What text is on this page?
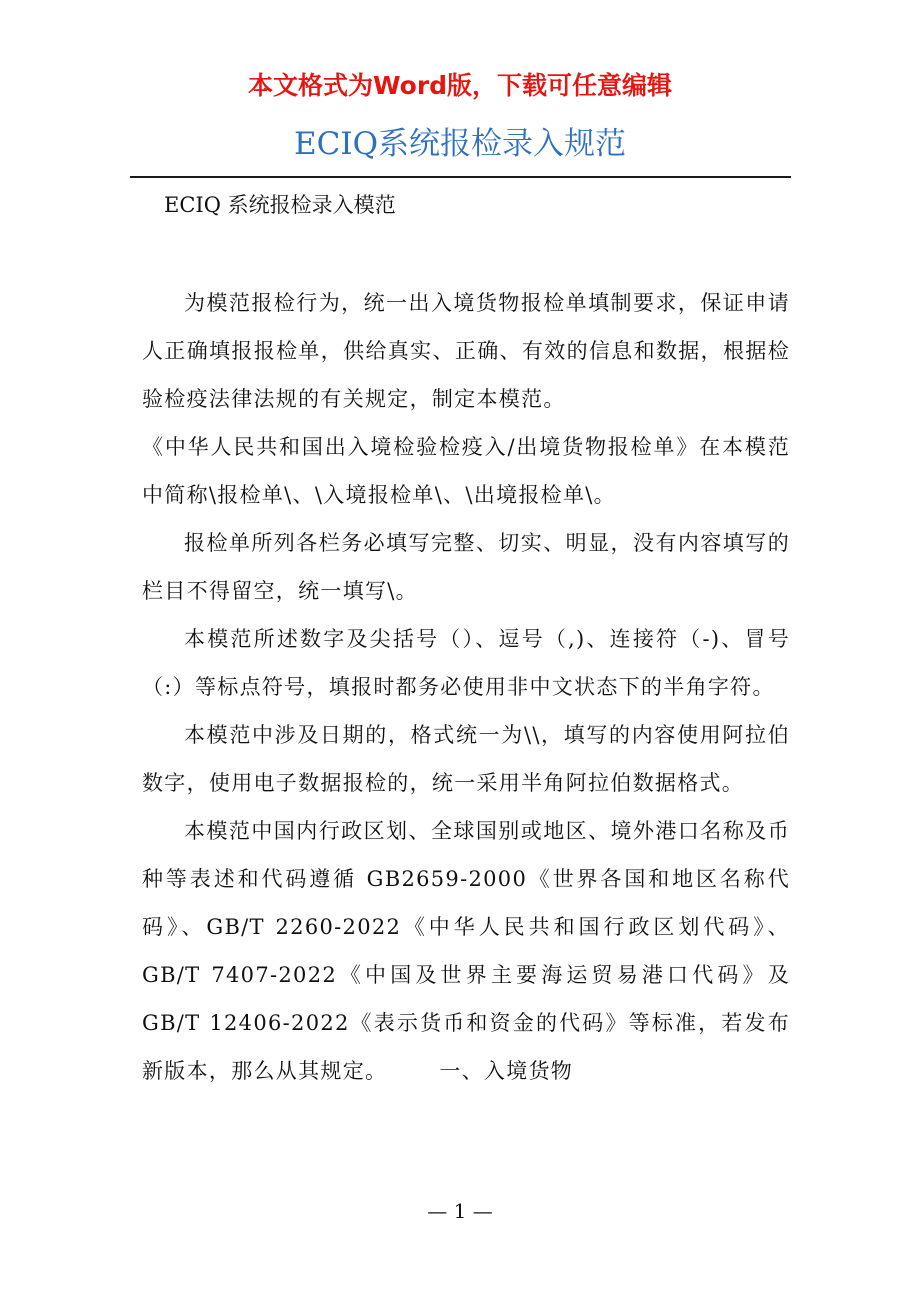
本文格式为Word版，下载可任意编辑
ECIQ系统报检录入规范
ECIQ 系统报检录入模范

为模范报检行为，统一出入境货物报检单填制要求，保证申请人正确填报报检单，供给真实、正确、有效的信息和数据，根据检验检疫法律法规的有关规定，制定本模范。

《中华人民共和国出入境检验检疫入/出境货物报检单》在本模范中简称\报检单\、\入境报检单\、\出境报检单\。

报检单所列各栏务必填写完整、切实、明显，没有内容填写的栏目不得留空，统一填写\。

本模范所述数字及尖括号（）、逗号（,)、连接符（-)、冒号（:）等标点符号，填报时都务必使用非中文状态下的半角字符。

本模范中涉及日期的，格式统一为\\，填写的内容使用阿拉伯数字，使用电子数据报检的，统一采用半角阿拉伯数据格式。

本模范中国内行政区划、全球国别或地区、境外港口名称及币种等表述和代码遵循 GB2659-2000《世界各国和地区名称代码》、GB/T 2260-2022《中华人民共和国行政区划代码》、GB/T 7407-2022《中国及世界主要海运贸易港口代码》及 GB/T 12406-2022《表示货币和资金的代码》等标准，若发布新版本，那么从其规定。 一、入境货物

— 1 —
